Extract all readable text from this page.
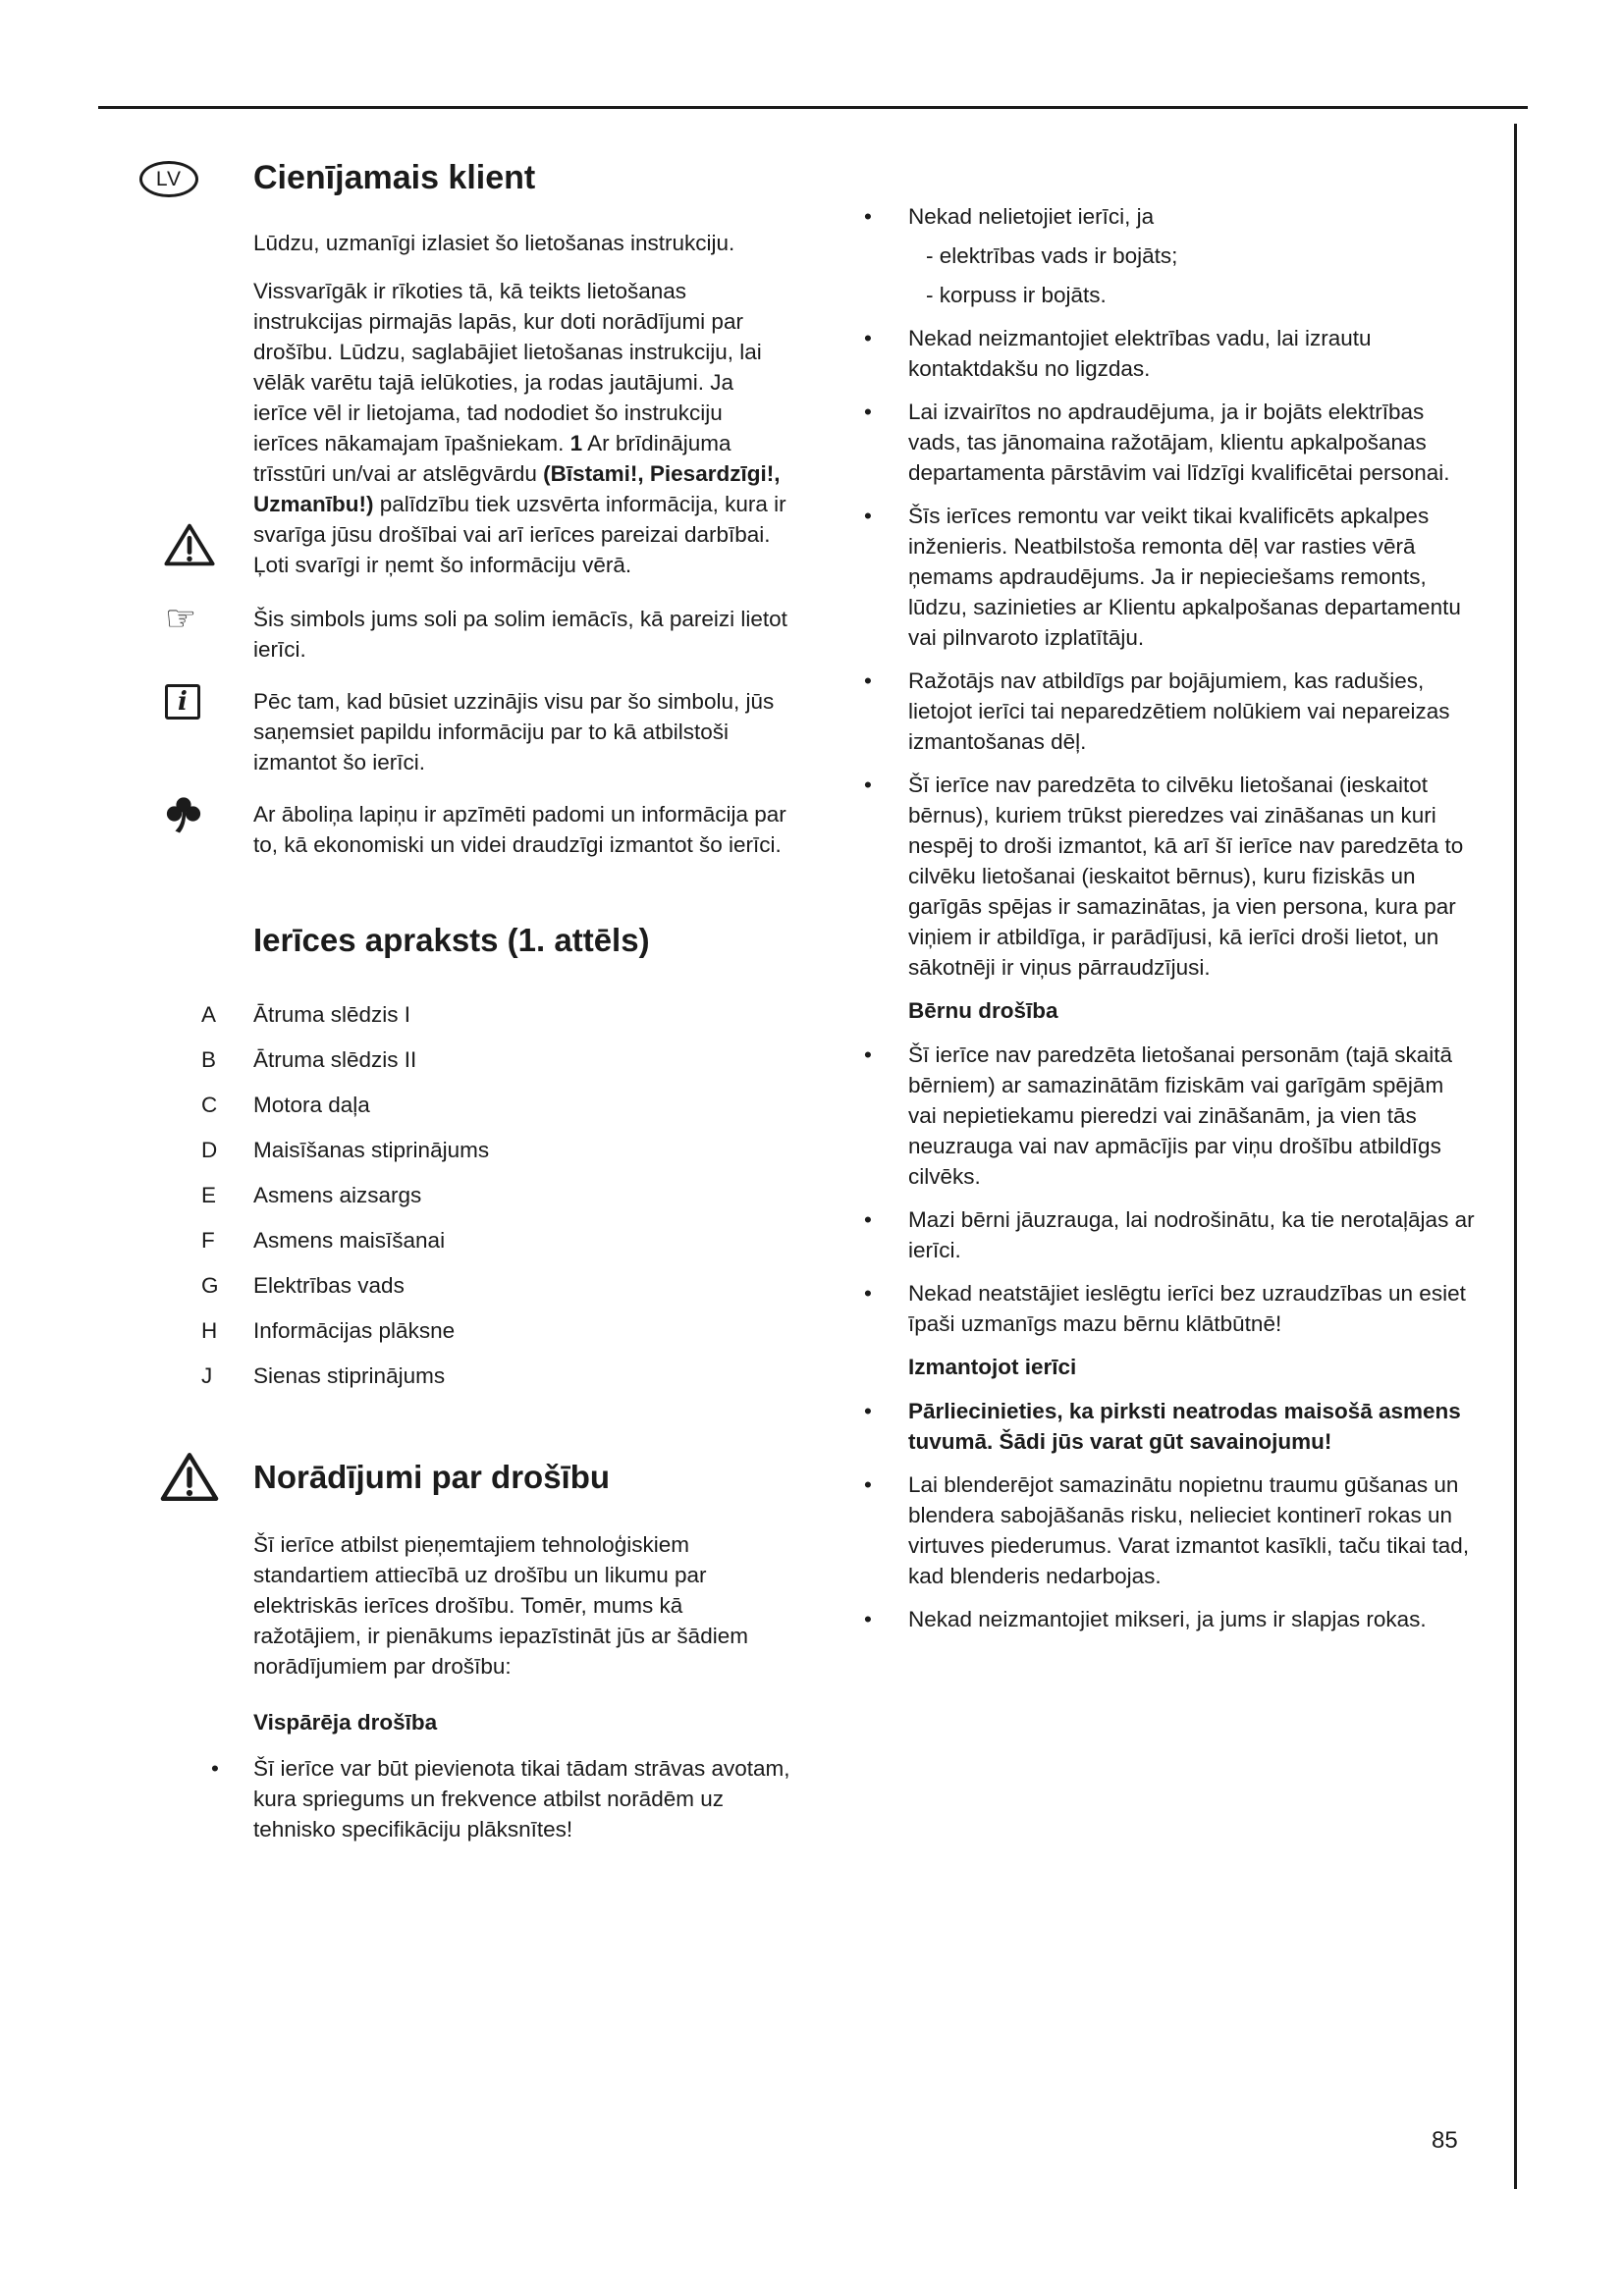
LV	Cienījamais klient

Lūdzu, uzmanīgi izlasiet šo lietošanas instrukciju.

Vissvarīgāk ir rīkoties tā, kā teikts lietošanas instrukcijas pirmajās lapās, kur doti norādījumi par drošību. Lūdzu, saglabājiet lietošanas instrukciju, lai vēlāk varētu tajā ielūkoties, ja rodas jautājumi. Ja ierīce vēl ir lietojama, tad nododiet šo instrukciju ierīces nākamajam īpašniekam. 1 Ar brīdinājuma trīsstūri un/vai ar atslēgvārdu (Bīstami!, Piesardzīgi!, Uzmanību!) palīdzību tiek uzsvērta informācija, kura ir svarīga jūsu drošībai vai arī ierīces pareizai darbībai. Ļoti svarīgi ir ņemt šo informāciju vērā.

☞	Šis simbols jums soli pa solim iemācīs, kā pareizi lietot ierīci.

i	Pēc tam, kad būsiet uzzinājis visu par šo simbolu, jūs saņemsiet papildu informāciju par to kā atbilstoši izmantot šo ierīci.

Ar āboliņa lapiņu ir apzīmēti padomi un informācija par to, kā ekonomiski un videi draudzīgi izmantot šo ierīci.

Ierīces apraksts (1. attēls)
A	Ātruma slēdzis I
B	Ātruma slēdzis II
C	Motora daļa
D	Maisīšanas stiprinājums
E	Asmens aizsargs
F	Asmens maisīšanai
G	Elektrības vads
H	Informācijas plāksne
J	Sienas stiprinājums
Norādījumi par drošību

Šī ierīce atbilst pieņemtajiem tehnoloģiskiem standartiem attiecībā uz drošību un likumu par elektriskās ierīces drošību. Tomēr, mums kā ražotājiem, ir pienākums iepazīstināt jūs ar šādiem norādījumiem par drošību:

Vispārēja drošība
•	Šī ierīce var būt pievienota tikai tādam strāvas avotam, kura spriegums un frekvence atbilst norādēm uz tehnisko specifikāciju plāksnītes!

•	Nekad nelietojiet ierīci, ja

- elektrības vads ir bojāts;

- korpuss ir bojāts.

•	Nekad neizmantojiet elektrības vadu, lai izrautu kontaktdakšu no ligzdas.

•	Lai izvairītos no apdraudējuma, ja ir bojāts elektrības vads, tas jānomaina ražotājam, klientu apkalpošanas departamenta pārstāvim vai līdzīgi kvalificētai personai.

•	Šīs ierīces remontu var veikt tikai kvalificēts apkalpes inženieris. Neatbilstoša remonta dēļ var rasties vērā ņemams apdraudējums. Ja ir nepieciešams remonts, lūdzu, sazinieties ar Klientu apkalpošanas departamentu vai pilnvaroto izplatītāju.

•	Ražotājs nav atbildīgs par bojājumiem, kas radušies, lietojot ierīci tai neparedzētiem nolūkiem vai nepareizas izmantošanas dēļ.

•	Šī ierīce nav paredzēta to cilvēku lietošanai (ieskaitot bērnus), kuriem trūkst pieredzes vai zināšanas un kuri nespēj to droši izmantot, kā arī šī ierīce nav paredzēta to cilvēku lietošanai (ieskaitot bērnus), kuru fiziskās un garīgās spējas ir samazinātas, ja vien persona, kura par viņiem ir atbildīga, ir parādījusi, kā ierīci droši lietot, un sākotnēji ir viņus pārraudzījusi.

Bērnu drošība
•	Šī ierīce nav paredzēta lietošanai personām (tajā skaitā bērniem) ar samazinātām fiziskām vai garīgām spējām vai nepietiekamu pieredzi vai zināšanām, ja vien tās neuzrauga vai nav apmācījis par viņu drošību atbildīgs cilvēks.

•	Mazi bērni jāuzrauga, lai nodrošinātu, ka tie nerotaļājas ar ierīci.

•	Nekad neatstājiet ieslēgtu ierīci bez uzraudzības un esiet īpaši uzmanīgs mazu bērnu klātbūtnē!

Izmantojot ierīci
•	Pārliecinieties, ka pirksti neatrodas maisošā asmens tuvumā. Šādi jūs varat gūt savainojumu!

•	Lai blenderējot samazinātu nopietnu traumu gūšanas un blendera sabojāšanās risku, nelieciet kontinerī rokas un virtuves piederumus. Varat izmantot kasīkli, taču tikai tad, kad blenderis nedarbojas.

•	Nekad neizmantojiet mikseri, ja jums ir slapjas rokas.

85
